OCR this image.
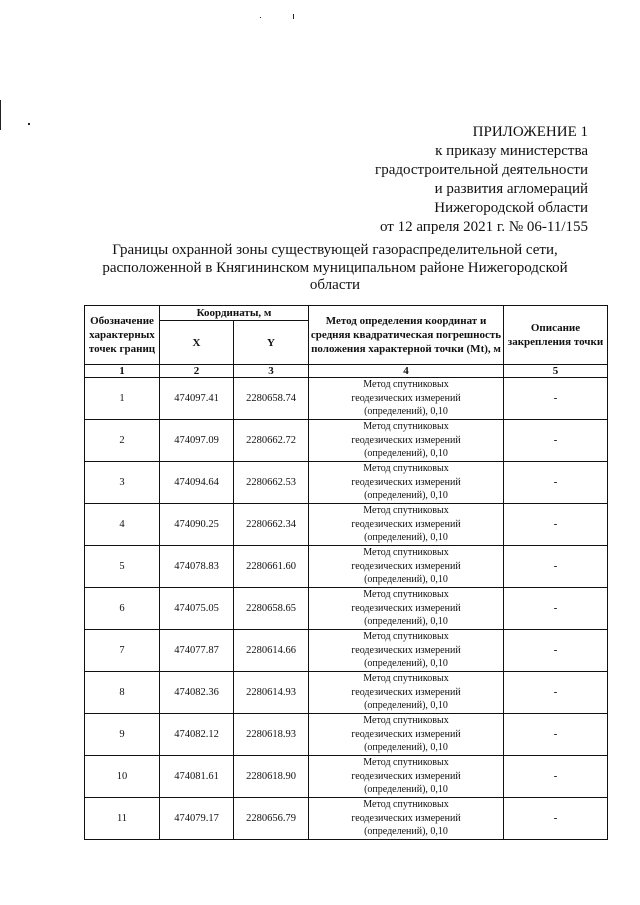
ПРИЛОЖЕНИЕ 1
к приказу министерства
градостроительной деятельности
и развития агломераций
Нижегородской области
от 12 апреля 2021 г. № 06-11/155
Границы охранной зоны существующей газораспределительной сети,
расположенной в Княгининском муниципальном районе Нижегородской
области
Обозначение характерных точек границ	Координаты, м		Метод определения координат и средняя квадратическая погрешность положения характерной точки (Mt), м	Описание закрепления точки
	X	Y		
1	2	3	4	5
1	474097.41	2280658.74	Метод спутниковых
геодезических измерений
(определений), 0,10	-
2	474097.09	2280662.72	Метод спутниковых
геодезических измерений
(определений), 0,10	-
3	474094.64	2280662.53	Метод спутниковых
геодезических измерений
(определений), 0,10	-
4	474090.25	2280662.34	Метод спутниковых
геодезических измерений
(определений), 0,10	-
5	474078.83	2280661.60	Метод спутниковых
геодезических измерений
(определений), 0,10	-
6	474075.05	2280658.65	Метод спутниковых
геодезических измерений
(определений), 0,10	-
7	474077.87	2280614.66	Метод спутниковых
геодезических измерений
(определений), 0,10	-
8	474082.36	2280614.93	Метод спутниковых
геодезических измерений
(определений), 0,10	-
9	474082.12	2280618.93	Метод спутниковых
геодезических измерений
(определений), 0,10	-
10	474081.61	2280618.90	Метод спутниковых
геодезических измерений
(определений), 0,10	-
11	474079.17	2280656.79	Метод спутниковых
геодезических измерений
(определений), 0,10	-
